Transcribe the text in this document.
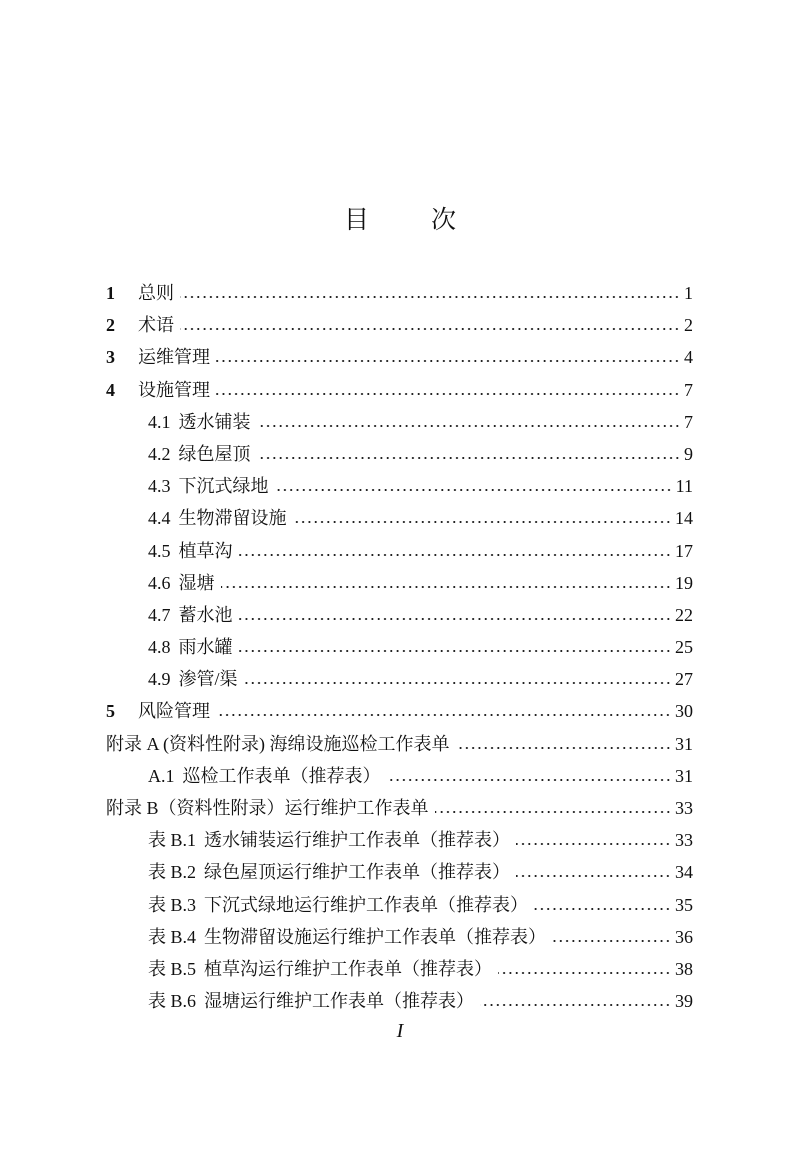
目 次
1	总则	1
2	术语	2
3	运维管理	4
4	设施管理	7
4.1 透水铺装	7
4.2 绿色屋顶	9
4.3 下沉式绿地	11
4.4 生物滞留设施	14
4.5 植草沟	17
4.6 湿塘	19
4.7 蓄水池	22
4.8 雨水罐	25
4.9 渗管/渠	27
5	风险管理	30
附录 A (资料性附录) 海绵设施巡检工作表单	31
A.1 巡检工作表单（推荐表）	31
附录 B（资料性附录）运行维护工作表单	33
表 B.1 透水铺装运行维护工作表单（推荐表）	33
表 B.2 绿色屋顶运行维护工作表单（推荐表）	34
表 B.3 下沉式绿地运行维护工作表单（推荐表）	35
表 B.4 生物滞留设施运行维护工作表单（推荐表）	36
表 B.5 植草沟运行维护工作表单（推荐表）	38
表 B.6 湿塘运行维护工作表单（推荐表）	39
I
